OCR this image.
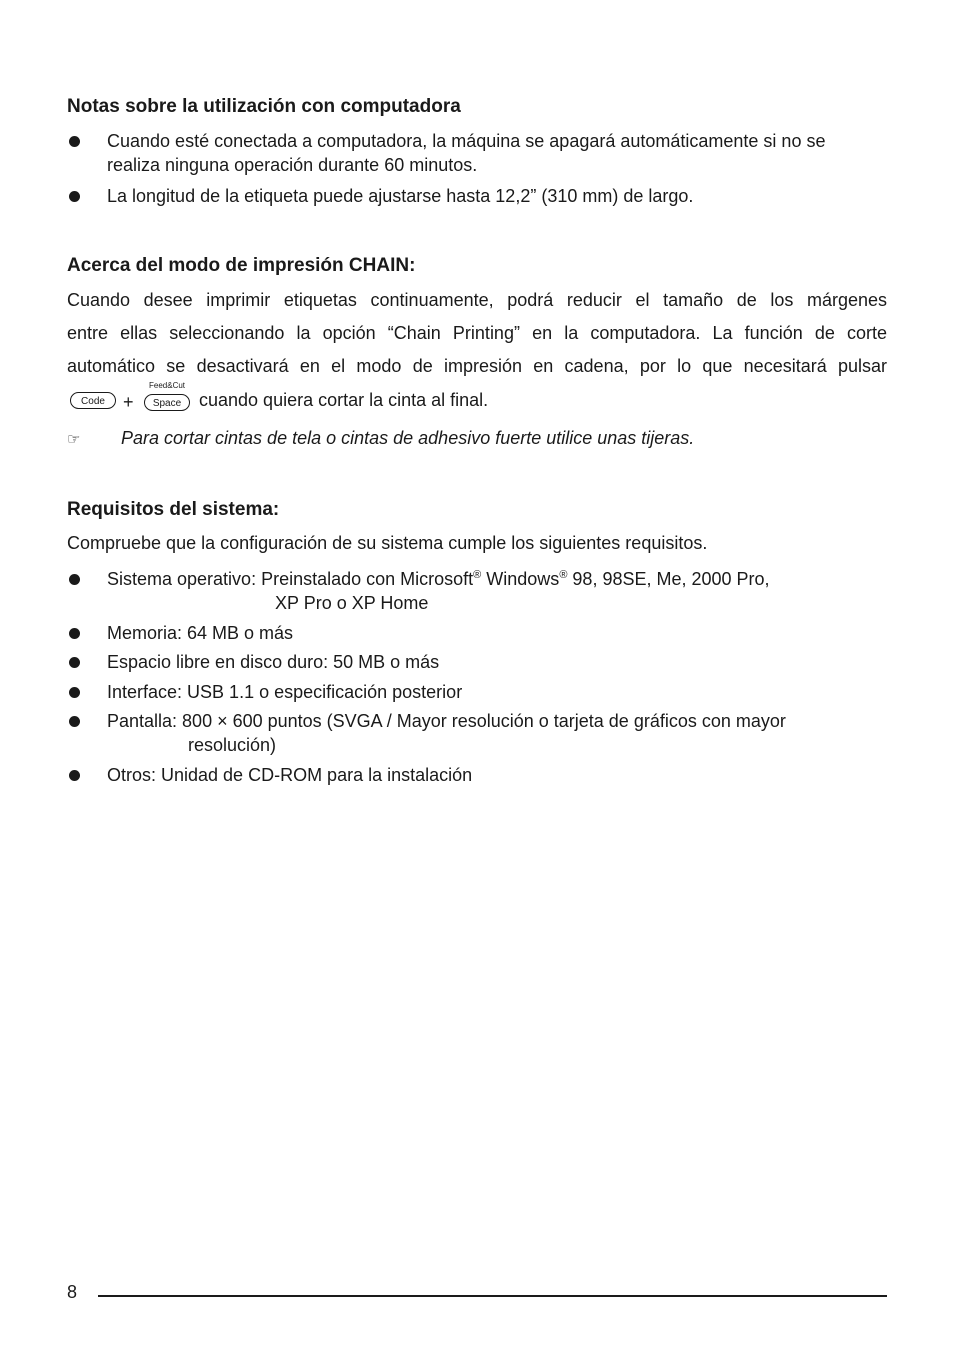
Notas sobre la utilización con computadora
Cuando esté conectada a computadora, la máquina se apagará automáticamente si no se
realiza ninguna operación durante 60 minutos.
La longitud de la etiqueta puede ajustarse hasta 12,2” (310 mm) de largo.
Acerca del modo de impresión CHAIN:
Cuando desee imprimir etiquetas continuamente, podrá reducir el tamaño de los márgenes
entre ellas seleccionando la opción “Chain Printing” en la computadora. La función de corte
automático se desactivará en el modo de impresión en cadena, por lo que necesitará pulsar
Code	+
Feed&Cut
Space cuando quiera cortar la cinta al final.
☞ Para cortar cintas de tela o cintas de adhesivo fuerte utilice unas tijeras.
Requisitos del sistema:
Compruebe que la configuración de su sistema cumple los siguientes requisitos.
Sistema operativo: Preinstalado con Microsoft® Windows® 98, 98SE, Me, 2000 Pro,
XP Pro o XP Home
Memoria: 64 MB o más
Espacio libre en disco duro: 50 MB o más
Interface: USB 1.1 o especificación posterior
Pantalla: 800 × 600 puntos (SVGA / Mayor resolución o tarjeta de gráficos con mayor
resolución)
Otros: Unidad de CD-ROM para la instalación
8
